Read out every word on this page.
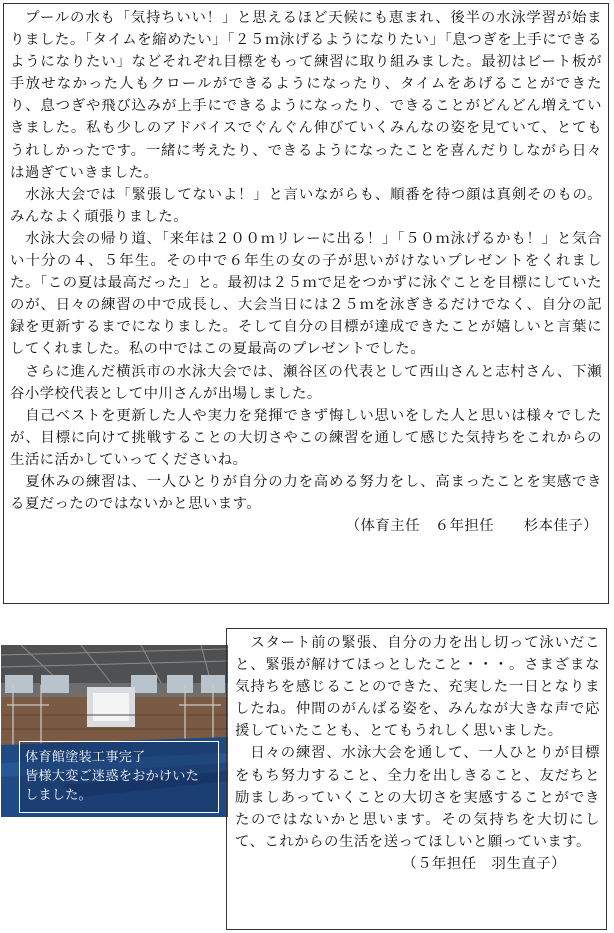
　プールの水も「気持ちいい！」と思えるほど天候にも恵まれ、後半の水泳学習が始まりました。「タイムを縮めたい」「２５ｍ泳げるようになりたい」「息つぎを上手にできるようになりたい」などそれぞれ目標をもって練習に取り組みました。最初はビート板が手放せなかった人もクロールができるようになったり、タイムをあげることができたり、息つぎや飛び込みが上手にできるようになったり、できることがどんどん増えていきました。私も少しのアドバイスでぐんぐん伸びていくみんなの姿を見ていて、とてもうれしかったです。一緒に考えたり、できるようになったことを喜んだりしながら日々は過ぎていきました。

　水泳大会では「緊張してないよ！」と言いながらも、順番を待つ顔は真剣そのもの。みんなよく頑張りました。

　水泳大会の帰り道、「来年は２００ｍリレーに出る！」「５０ｍ泳げるかも！」と気合い十分の４、５年生。その中で６年生の女の子が思いがけないプレゼントをくれました。「この夏は最高だった」と。最初は２５ｍで足をつかずに泳ぐことを目標にしていたのが、日々の練習の中で成長し、大会当日には２５ｍを泳ぎきるだけでなく、自分の記録を更新するまでになりました。そして自分の目標が達成できたことが嬉しいと言葉にしてくれました。私の中ではこの夏最高のプレゼントでした。

　さらに進んだ横浜市の水泳大会では、瀬谷区の代表として西山さんと志村さん、下瀬谷小学校代表として中川さんが出場しました。

　自己ベストを更新した人や実力を発揮できず悔しい思いをした人と思いは様々でしたが、目標に向けて挑戦することの大切さやこの練習を通して感じた気持ちをこれからの生活に活かしていってくださいね。

　夏休みの練習は、一人ひとりが自分の力を高める努力をし、高まったことを実感できる夏だったのではないかと思います。

（体育主任　６年担任　　杉本佳子）

体育館塗装工事完了
皆様大変ご迷惑をおかけいた
しました。

　スタート前の緊張、自分の力を出し切って泳いだこと、緊張が解けてほっとしたこと・・・。さまざまな気持ちを感じることのできた、充実した一日となりましたね。仲間のがんばる姿を、みんなが大きな声で応援していたことも、とてもうれしく思いました。

　日々の練習、水泳大会を通して、一人ひとりが目標をもち努力すること、全力を出しきること、友だちと励ましあっていくことの大切さを実感することができたのではないかと思います。その気持ちを大切にして、これからの生活を送ってほしいと願っています。

（５年担任　羽生直子）
